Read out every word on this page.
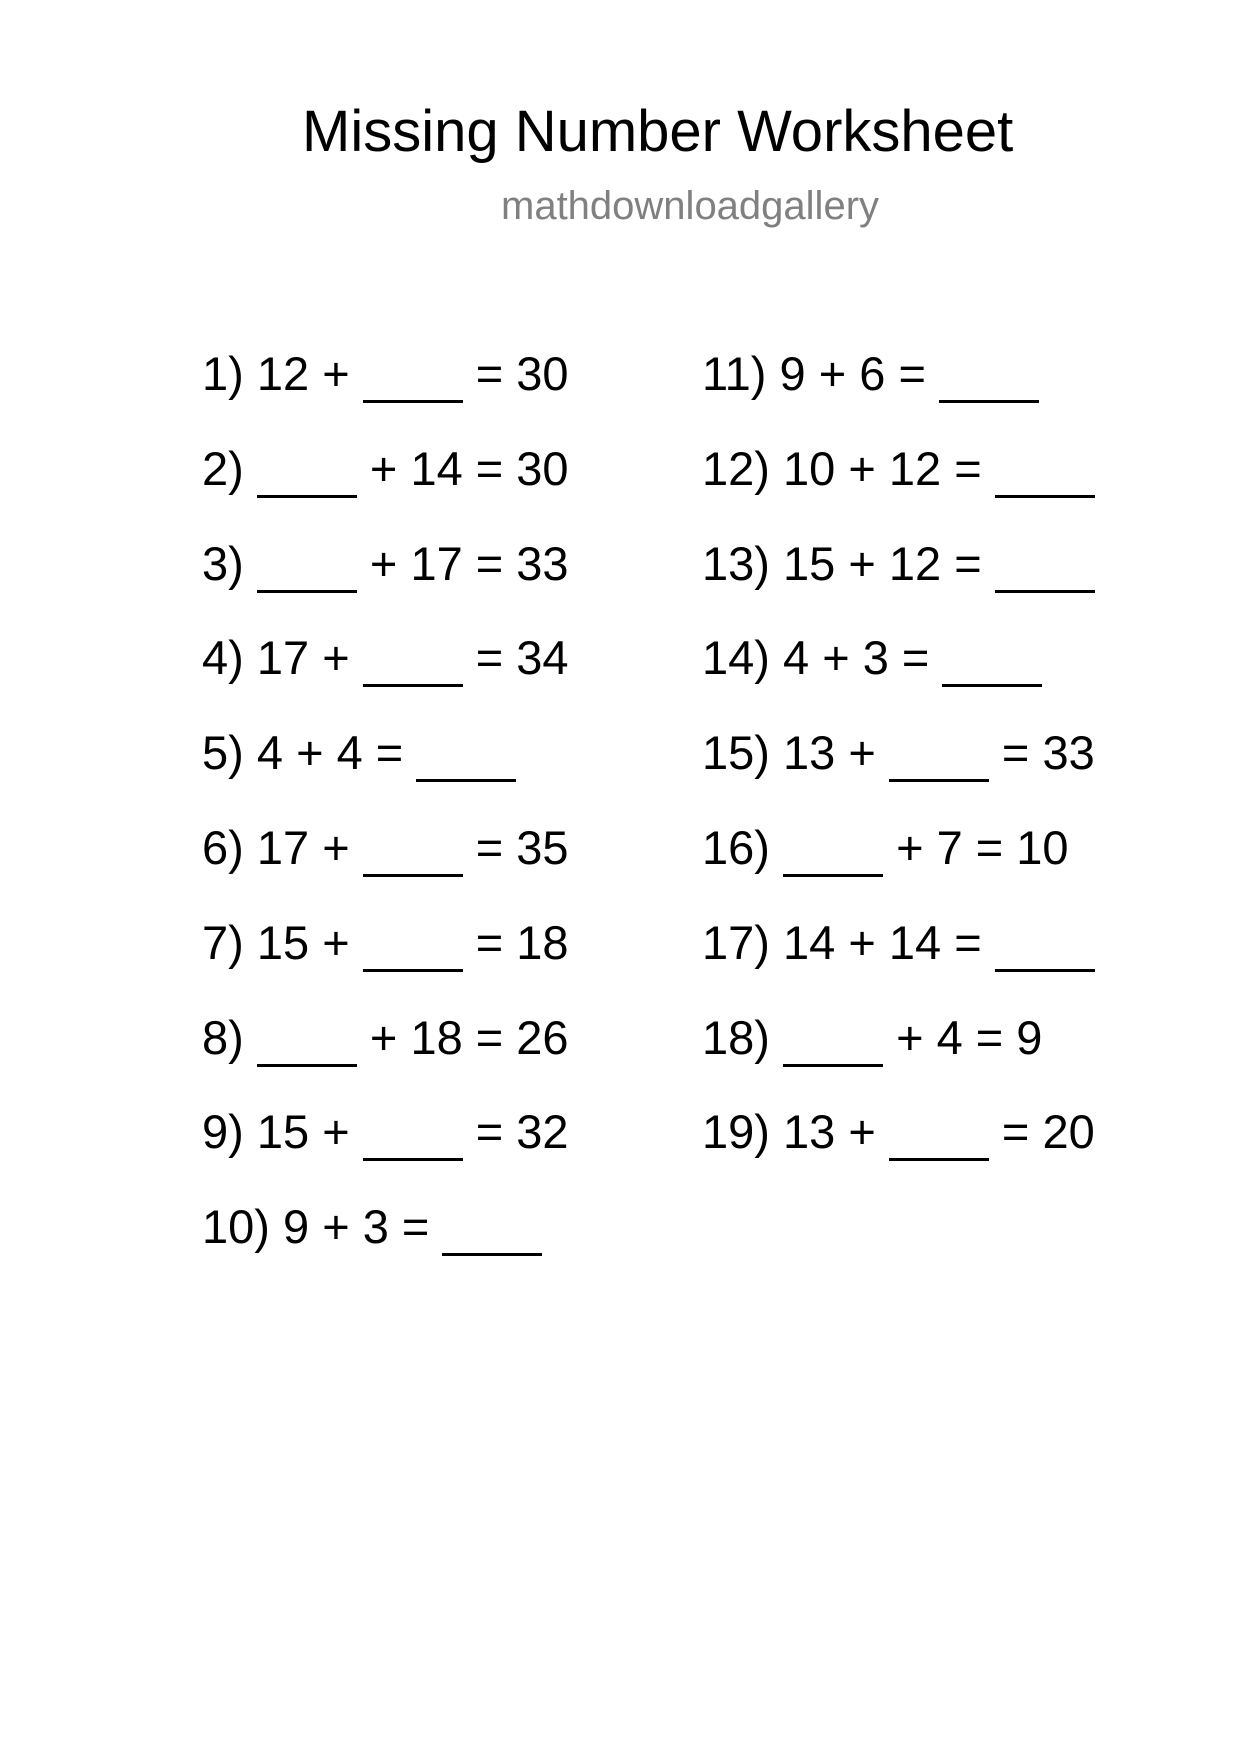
Missing Number Worksheet
mathdownloadgallery
1) 12 +	= 30
2)	+ 14 = 30
3)	+ 17 = 33
4) 17 +	= 34
5) 4 + 4 =
6) 17 +	= 35
7) 15 +	= 18
8)	+ 18 = 26
9) 15 +	= 32
10) 9 + 3 =
11) 9 + 6 =
12) 10 + 12 =
13) 15 + 12 =
14) 4 + 3 =
15) 13 +	= 33
16)	+ 7 = 10
17) 14 + 14 =
18)	+ 4 = 9
19) 13 +	= 20
